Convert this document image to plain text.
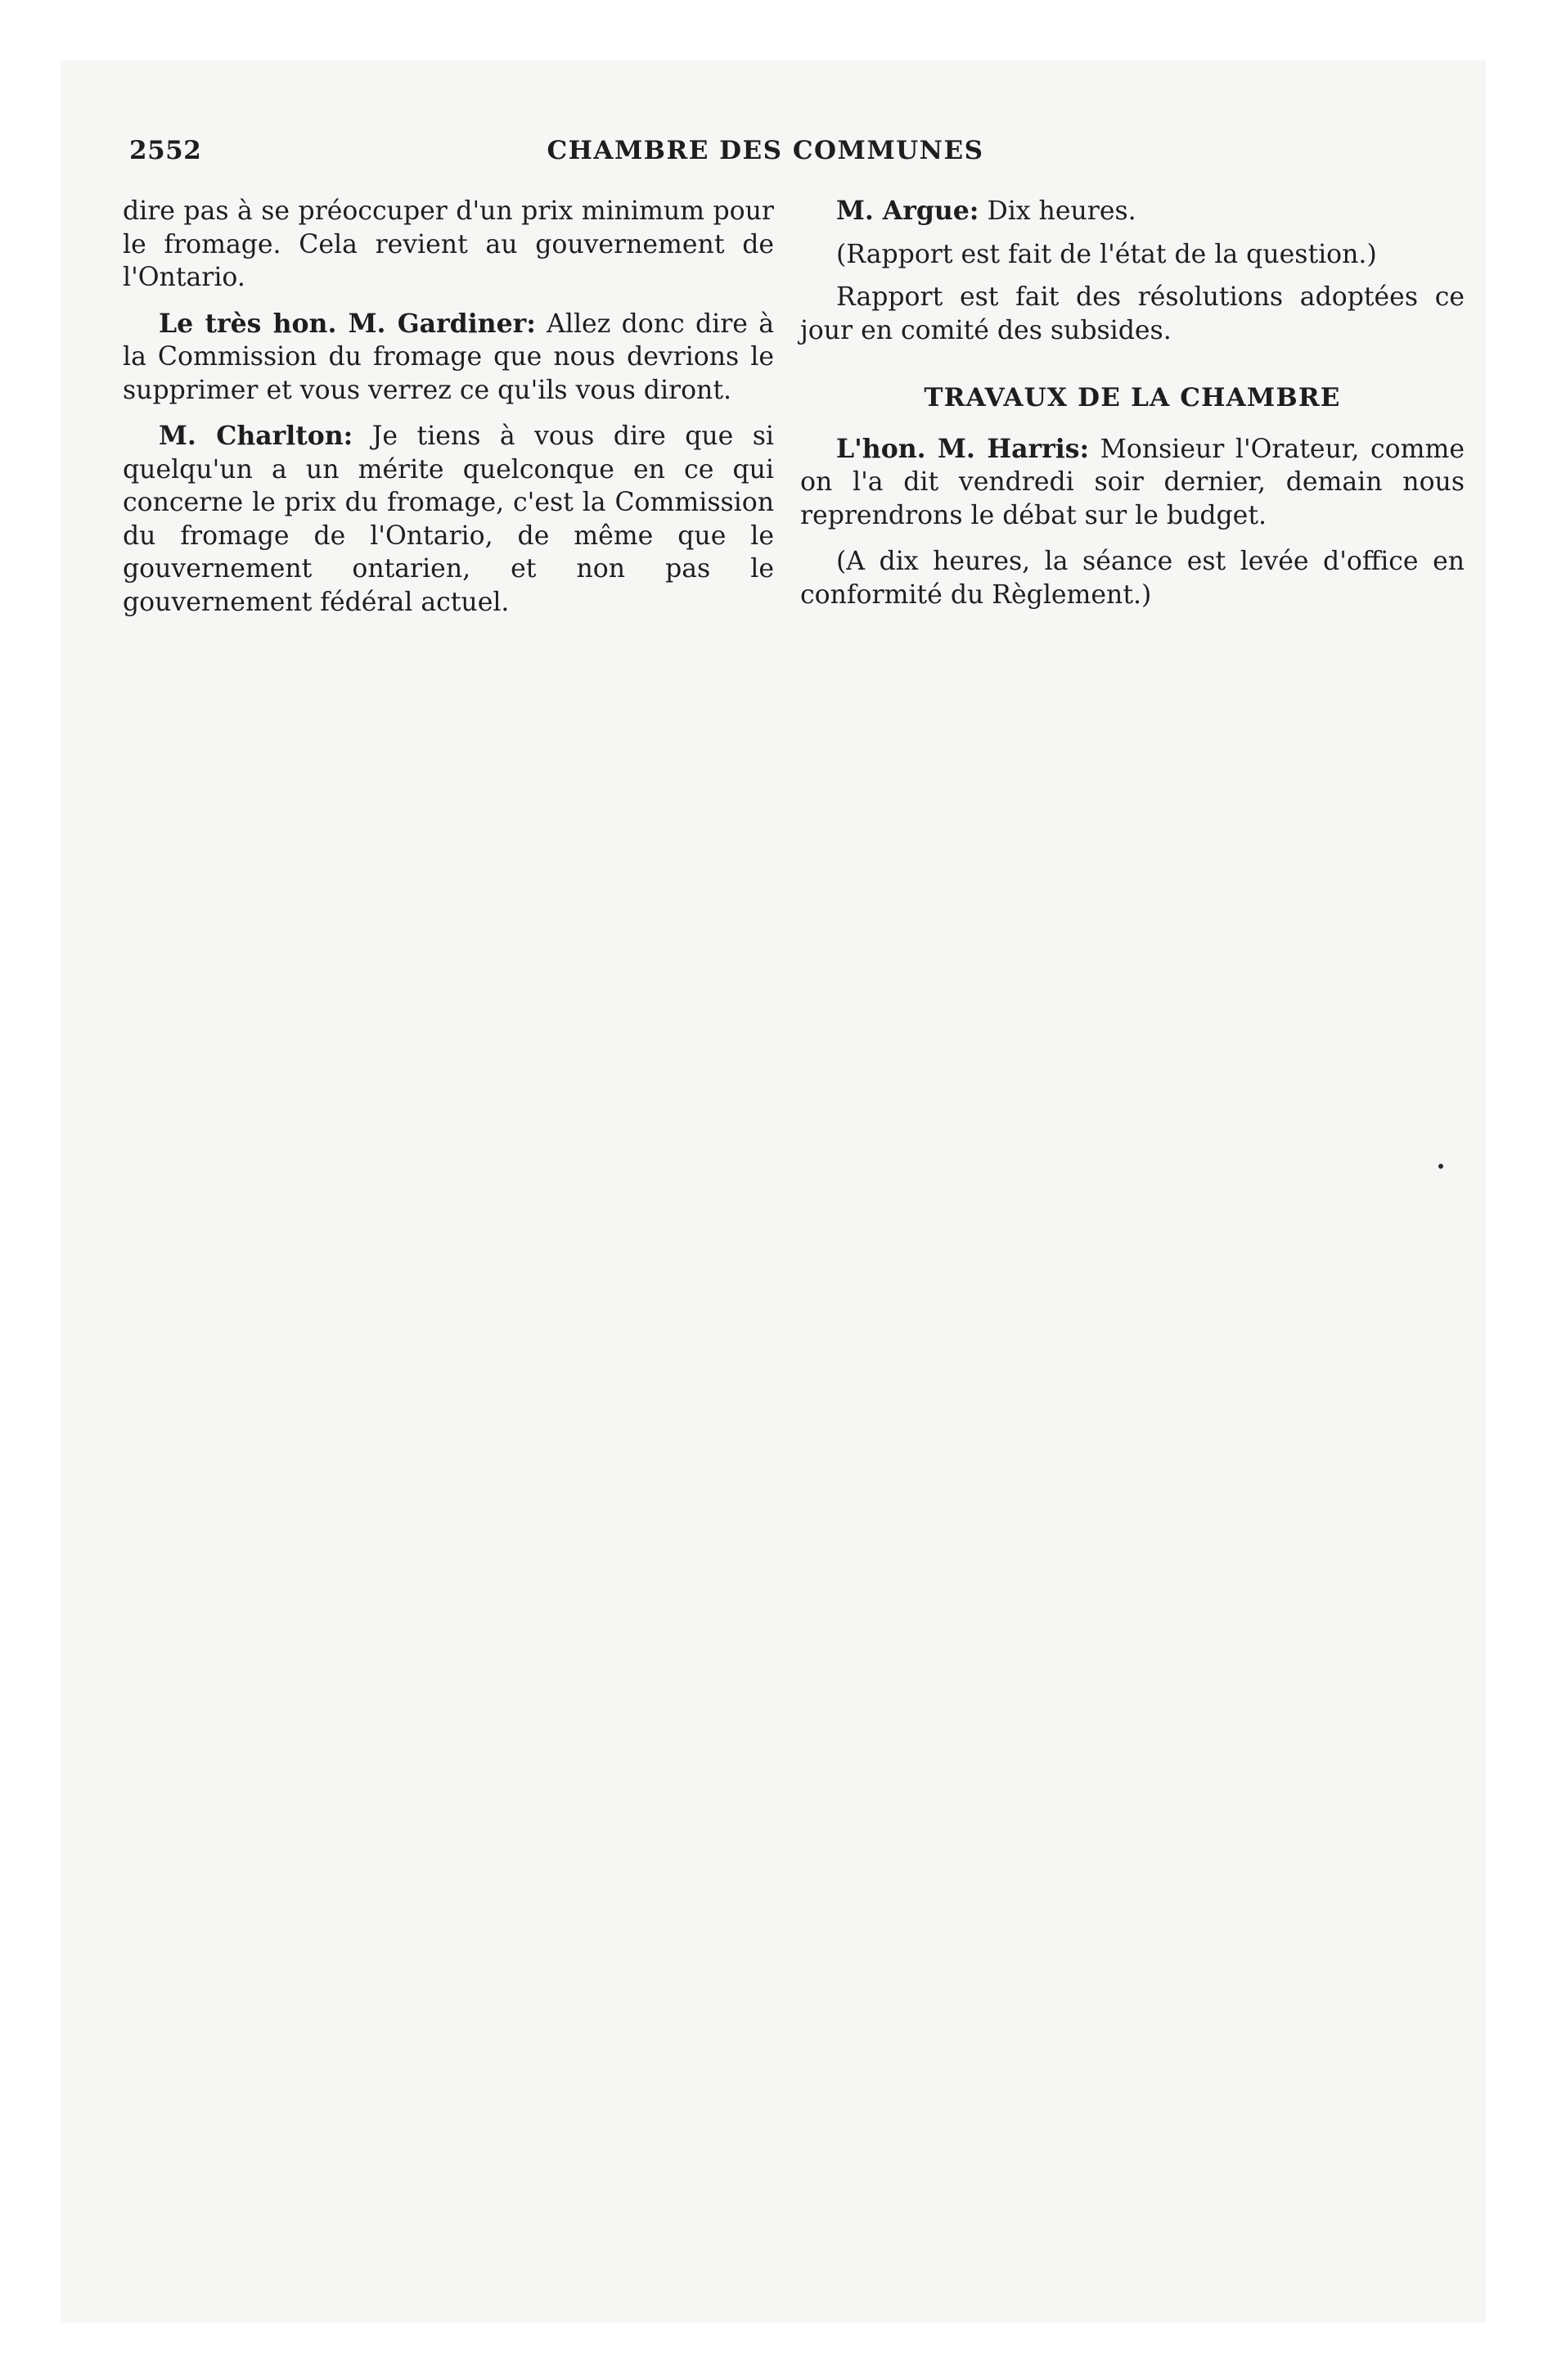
2552	CHAMBRE DES COMMUNES

dire pas à se préoccuper d'un prix minimum pour le fromage. Cela revient au gouvernement de l'Ontario.

Le très hon. M. Gardiner: Allez donc dire à la Commission du fromage que nous devrions le supprimer et vous verrez ce qu'ils vous diront.

M. Charlton: Je tiens à vous dire que si quelqu'un a un mérite quelconque en ce qui concerne le prix du fromage, c'est la Commission du fromage de l'Ontario, de même que le gouvernement ontarien, et non pas le gouvernement fédéral actuel.

M. Argue: Dix heures.

(Rapport est fait de l'état de la question.)

Rapport est fait des résolutions adoptées ce jour en comité des subsides.

TRAVAUX DE LA CHAMBRE

L'hon. M. Harris: Monsieur l'Orateur, comme on l'a dit vendredi soir dernier, demain nous reprendrons le débat sur le budget.

(A dix heures, la séance est levée d'office en conformité du Règlement.)
